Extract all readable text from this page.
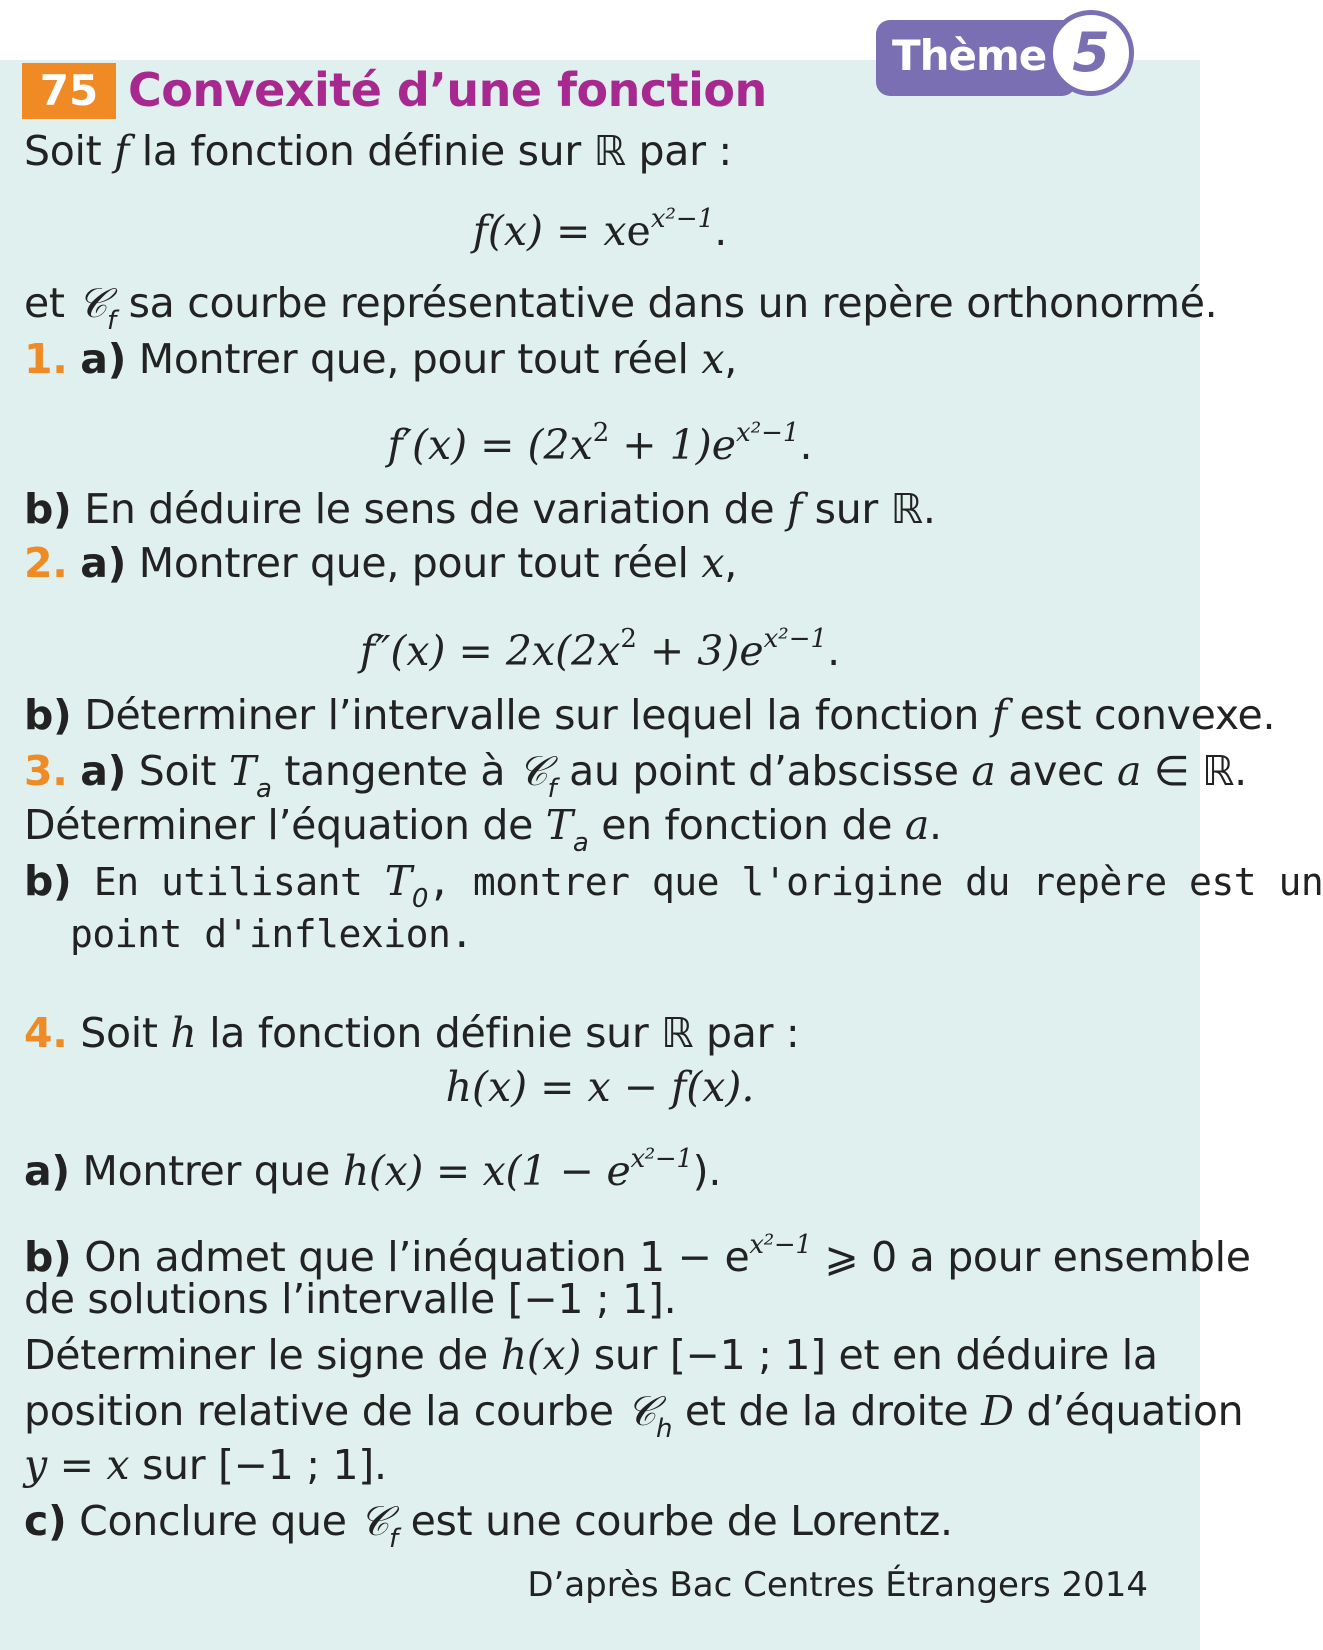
Thème 5
75 Convexité d’une fonction
Soit f la fonction définie sur ℝ par :
$f(x) = xe^{x^2-1}$.
et 𝒞$_f$ sa courbe représentative dans un repère orthonormé.
1. a) Montrer que, pour tout réel x,
$f'(x) = (2x^2 + 1)e^{x^2-1}$.
b) En déduire le sens de variation de f sur ℝ.
2. a) Montrer que, pour tout réel x,
$f''(x) = 2x(2x^2 + 3)e^{x^2-1}$.
b) Déterminer l’intervalle sur lequel la fonction f est convexe.
3. a) Soit $T_a$ tangente à 𝒞$_f$ au point d’abscisse a avec a ∈ ℝ.
Déterminer l’équation de $T_a$ en fonction de a.
b) En utilisant $T_0$, montrer que l'origine du repère est un
point d'inflexion.
4. Soit h la fonction définie sur ℝ par :
h(x) = x − f(x).
a) Montrer que $h(x) = x(1 - e^{x^2-1})$.
b) On admet que l’inéquation $1 - e^{x^2-1}$ ⩾ 0 a pour ensemble
de solutions l’intervalle [−1 ; 1].
Déterminer le signe de h(x) sur [−1 ; 1] et en déduire la
position relative de la courbe 𝒞$_h$ et de la droite D d’équation
y = x sur [−1 ; 1].
c) Conclure que 𝒞$_f$ est une courbe de Lorentz.
D’après Bac Centres Étrangers 2014
